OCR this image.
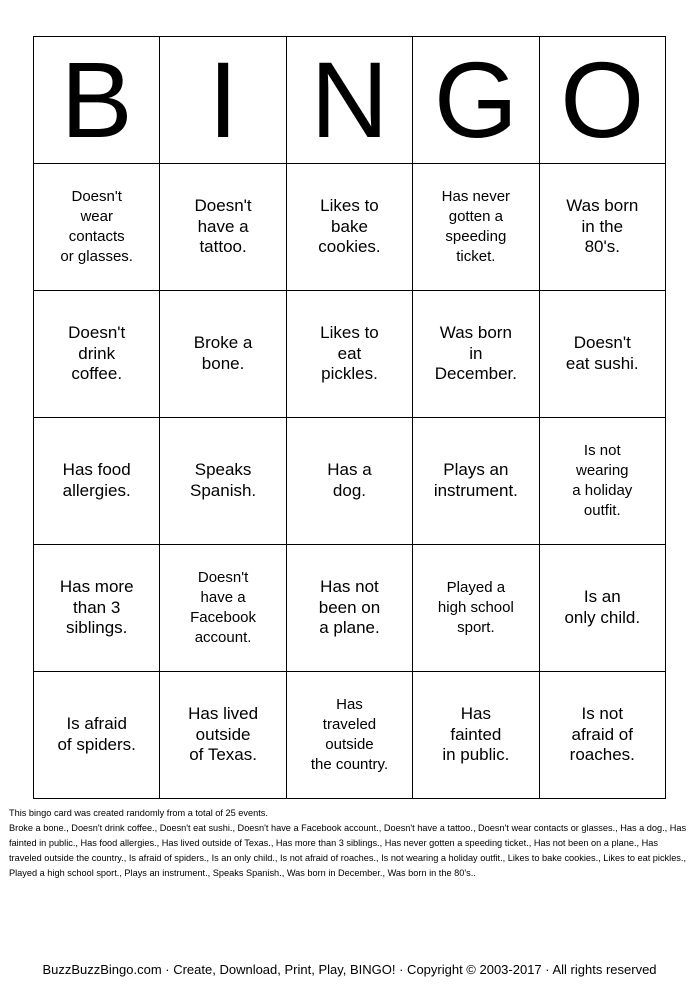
B	I	N	G	O
Doesn't
wear
contacts
or glasses.	Doesn't
have a
tattoo.	Likes to
bake
cookies.	Has never
gotten a
speeding
ticket.	Was born
in the
80's.
Doesn't
drink
coffee.	Broke a
bone.	Likes to
eat
pickles.	Was born
in
December.	Doesn't
eat sushi.
Has food
allergies.	Speaks
Spanish.	Has a
dog.	Plays an
instrument.	Is not
wearing
a holiday
outfit.
Has more
than 3
siblings.	Doesn't
have a
Facebook
account.	Has not
been on
a plane.	Played a
high school
sport.	Is an
only child.
Is afraid
of spiders.	Has lived
outside
of Texas.	Has
traveled
outside
the country.	Has
fainted
in public.	Is not
afraid of
roaches.

This bingo card was created randomly from a total of 25 events.

Broke a bone., Doesn't drink coffee., Doesn't eat sushi., Doesn't have a Facebook account., Doesn't have a tattoo., Doesn't wear contacts or glasses., Has a dog., Has fainted in public., Has food allergies., Has lived outside of Texas., Has more than 3 siblings., Has never gotten a speeding ticket., Has not been on a plane., Has traveled outside the country., Is afraid of spiders., Is an only child., Is not afraid of roaches., Is not wearing a holiday outfit., Likes to bake cookies., Likes to eat pickles., Played a high school sport., Plays an instrument., Speaks Spanish., Was born in December., Was born in the 80's..

BuzzBuzzBingo.com · Create, Download, Print, Play, BINGO! · Copyright © 2003-2017 · All rights reserved
